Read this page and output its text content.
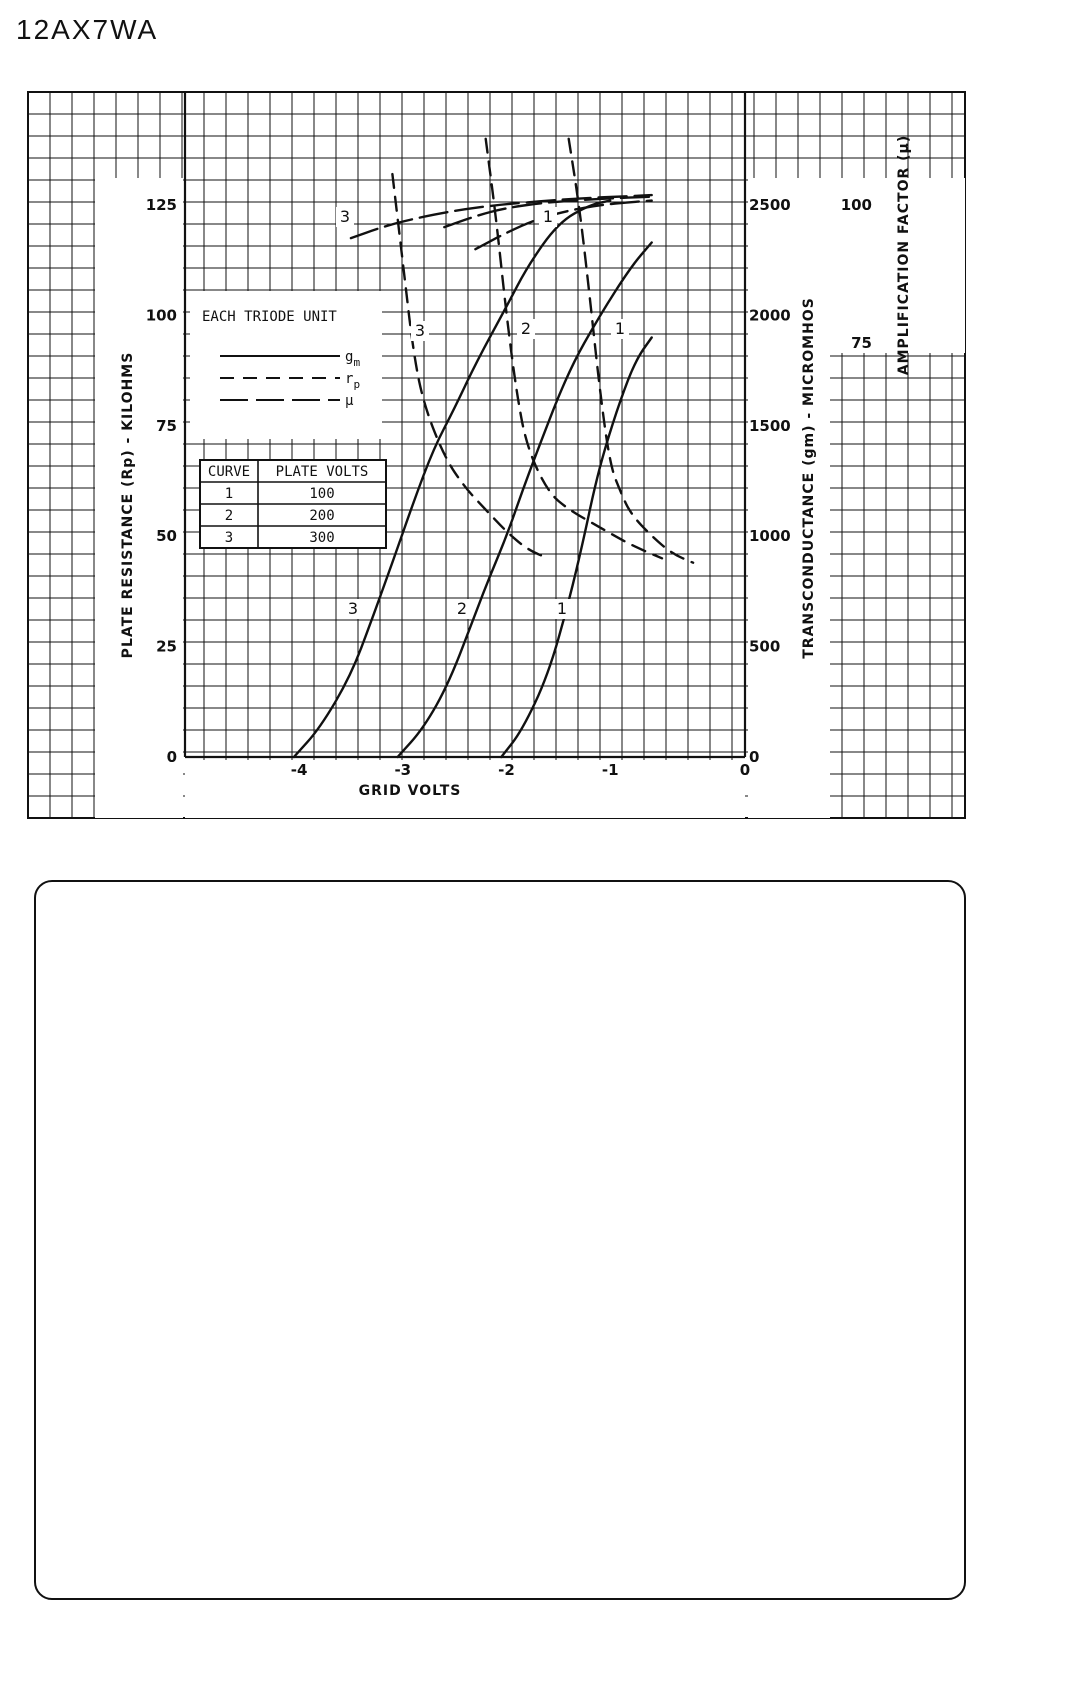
12AX7WA
EACH TRIODE UNIT
$g_m$
$r_p$
µ
CURVE PLATE VOLTS
1	100
2	200
3	300
0
25
50
75
100
125
0
500
1000
1500
2000
2500
75
100
-4	-3	-2	-1	0
GRID VOLTS
PLATE RESISTANCE (Rp) - KILOHMS	TRANSCONDUCTANCE (gm) - MICROMHOS
AMPLIFICATION FACTOR (µ)
3	1
3	2	1
3	2	1
